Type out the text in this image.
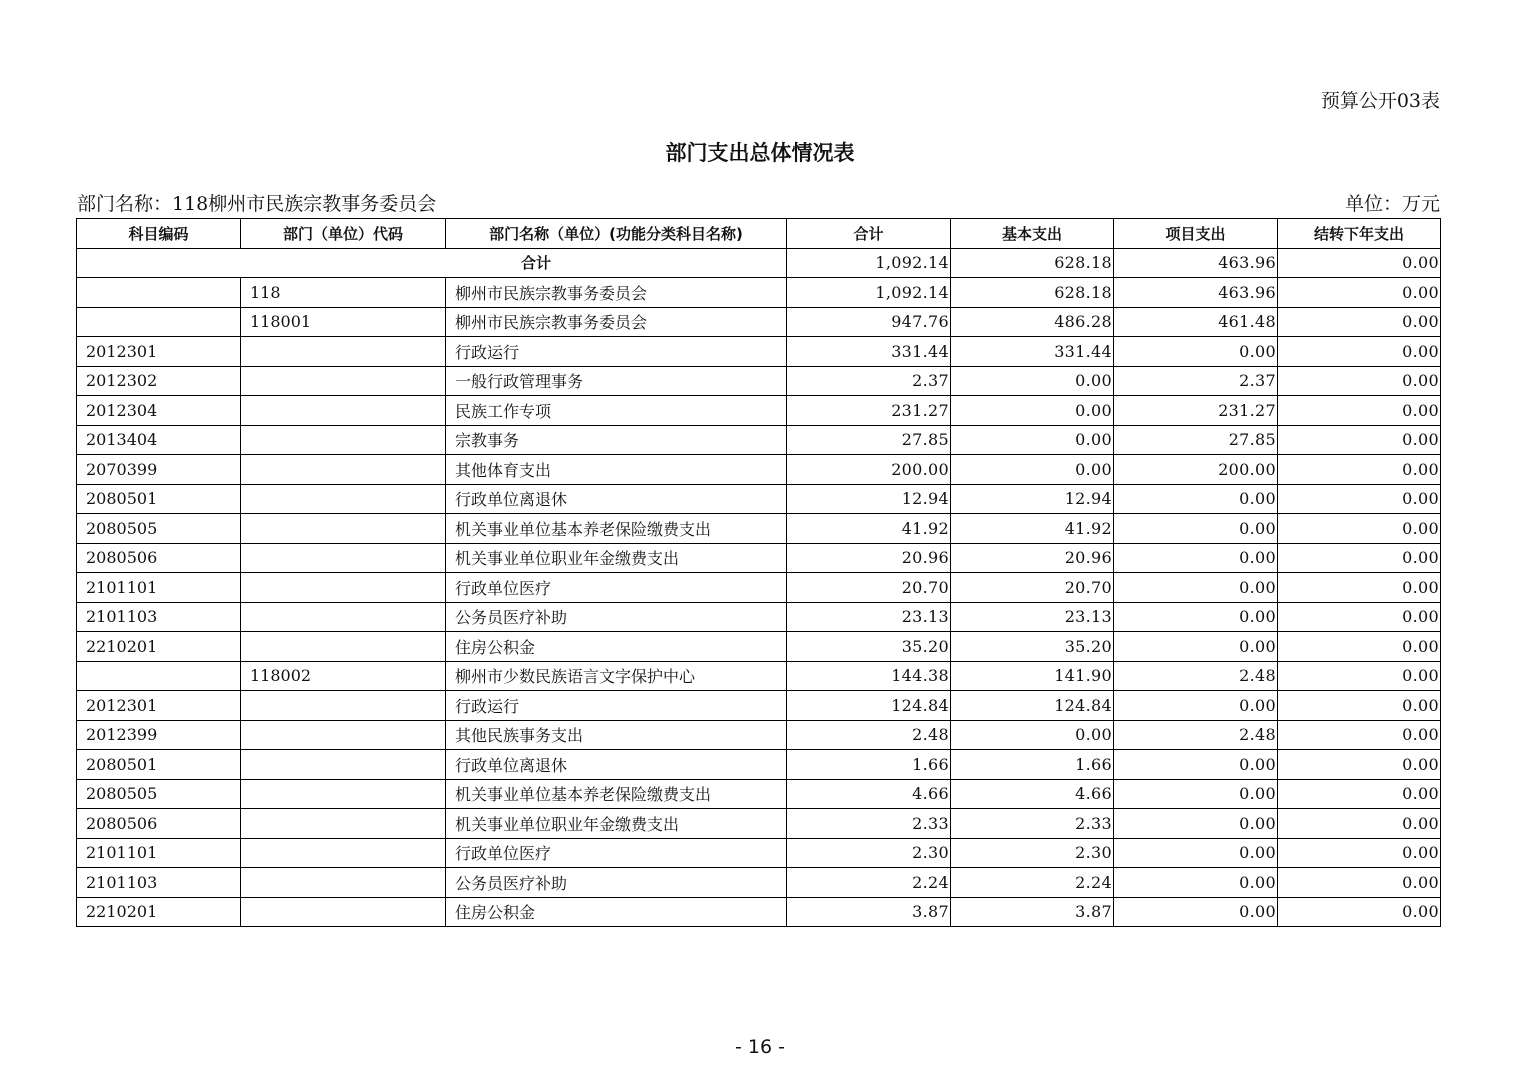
预算公开03表
部门支出总体情况表
部门名称：118柳州市民族宗教事务委员会	单位：万元
科目编码	部门（单位）代码	部门名称（单位）(功能分类科目名称)	合计	基本支出	项目支出	结转下年支出
合计			1,092.14	628.18	463.96	0.00
	118	柳州市民族宗教事务委员会	1,092.14	628.18	463.96	0.00
	118001	柳州市民族宗教事务委员会	947.76	486.28	461.48	0.00
2012301		行政运行	331.44	331.44	0.00	0.00
2012302		一般行政管理事务	2.37	0.00	2.37	0.00
2012304		民族工作专项	231.27	0.00	231.27	0.00
2013404		宗教事务	27.85	0.00	27.85	0.00
2070399		其他体育支出	200.00	0.00	200.00	0.00
2080501		行政单位离退休	12.94	12.94	0.00	0.00
2080505		机关事业单位基本养老保险缴费支出	41.92	41.92	0.00	0.00
2080506		机关事业单位职业年金缴费支出	20.96	20.96	0.00	0.00
2101101		行政单位医疗	20.70	20.70	0.00	0.00
2101103		公务员医疗补助	23.13	23.13	0.00	0.00
2210201		住房公积金	35.20	35.20	0.00	0.00
	118002	柳州市少数民族语言文字保护中心	144.38	141.90	2.48	0.00
2012301		行政运行	124.84	124.84	0.00	0.00
2012399		其他民族事务支出	2.48	0.00	2.48	0.00
2080501		行政单位离退休	1.66	1.66	0.00	0.00
2080505		机关事业单位基本养老保险缴费支出	4.66	4.66	0.00	0.00
2080506		机关事业单位职业年金缴费支出	2.33	2.33	0.00	0.00
2101101		行政单位医疗	2.30	2.30	0.00	0.00
2101103		公务员医疗补助	2.24	2.24	0.00	0.00
2210201		住房公积金	3.87	3.87	0.00	0.00
- 16 -
